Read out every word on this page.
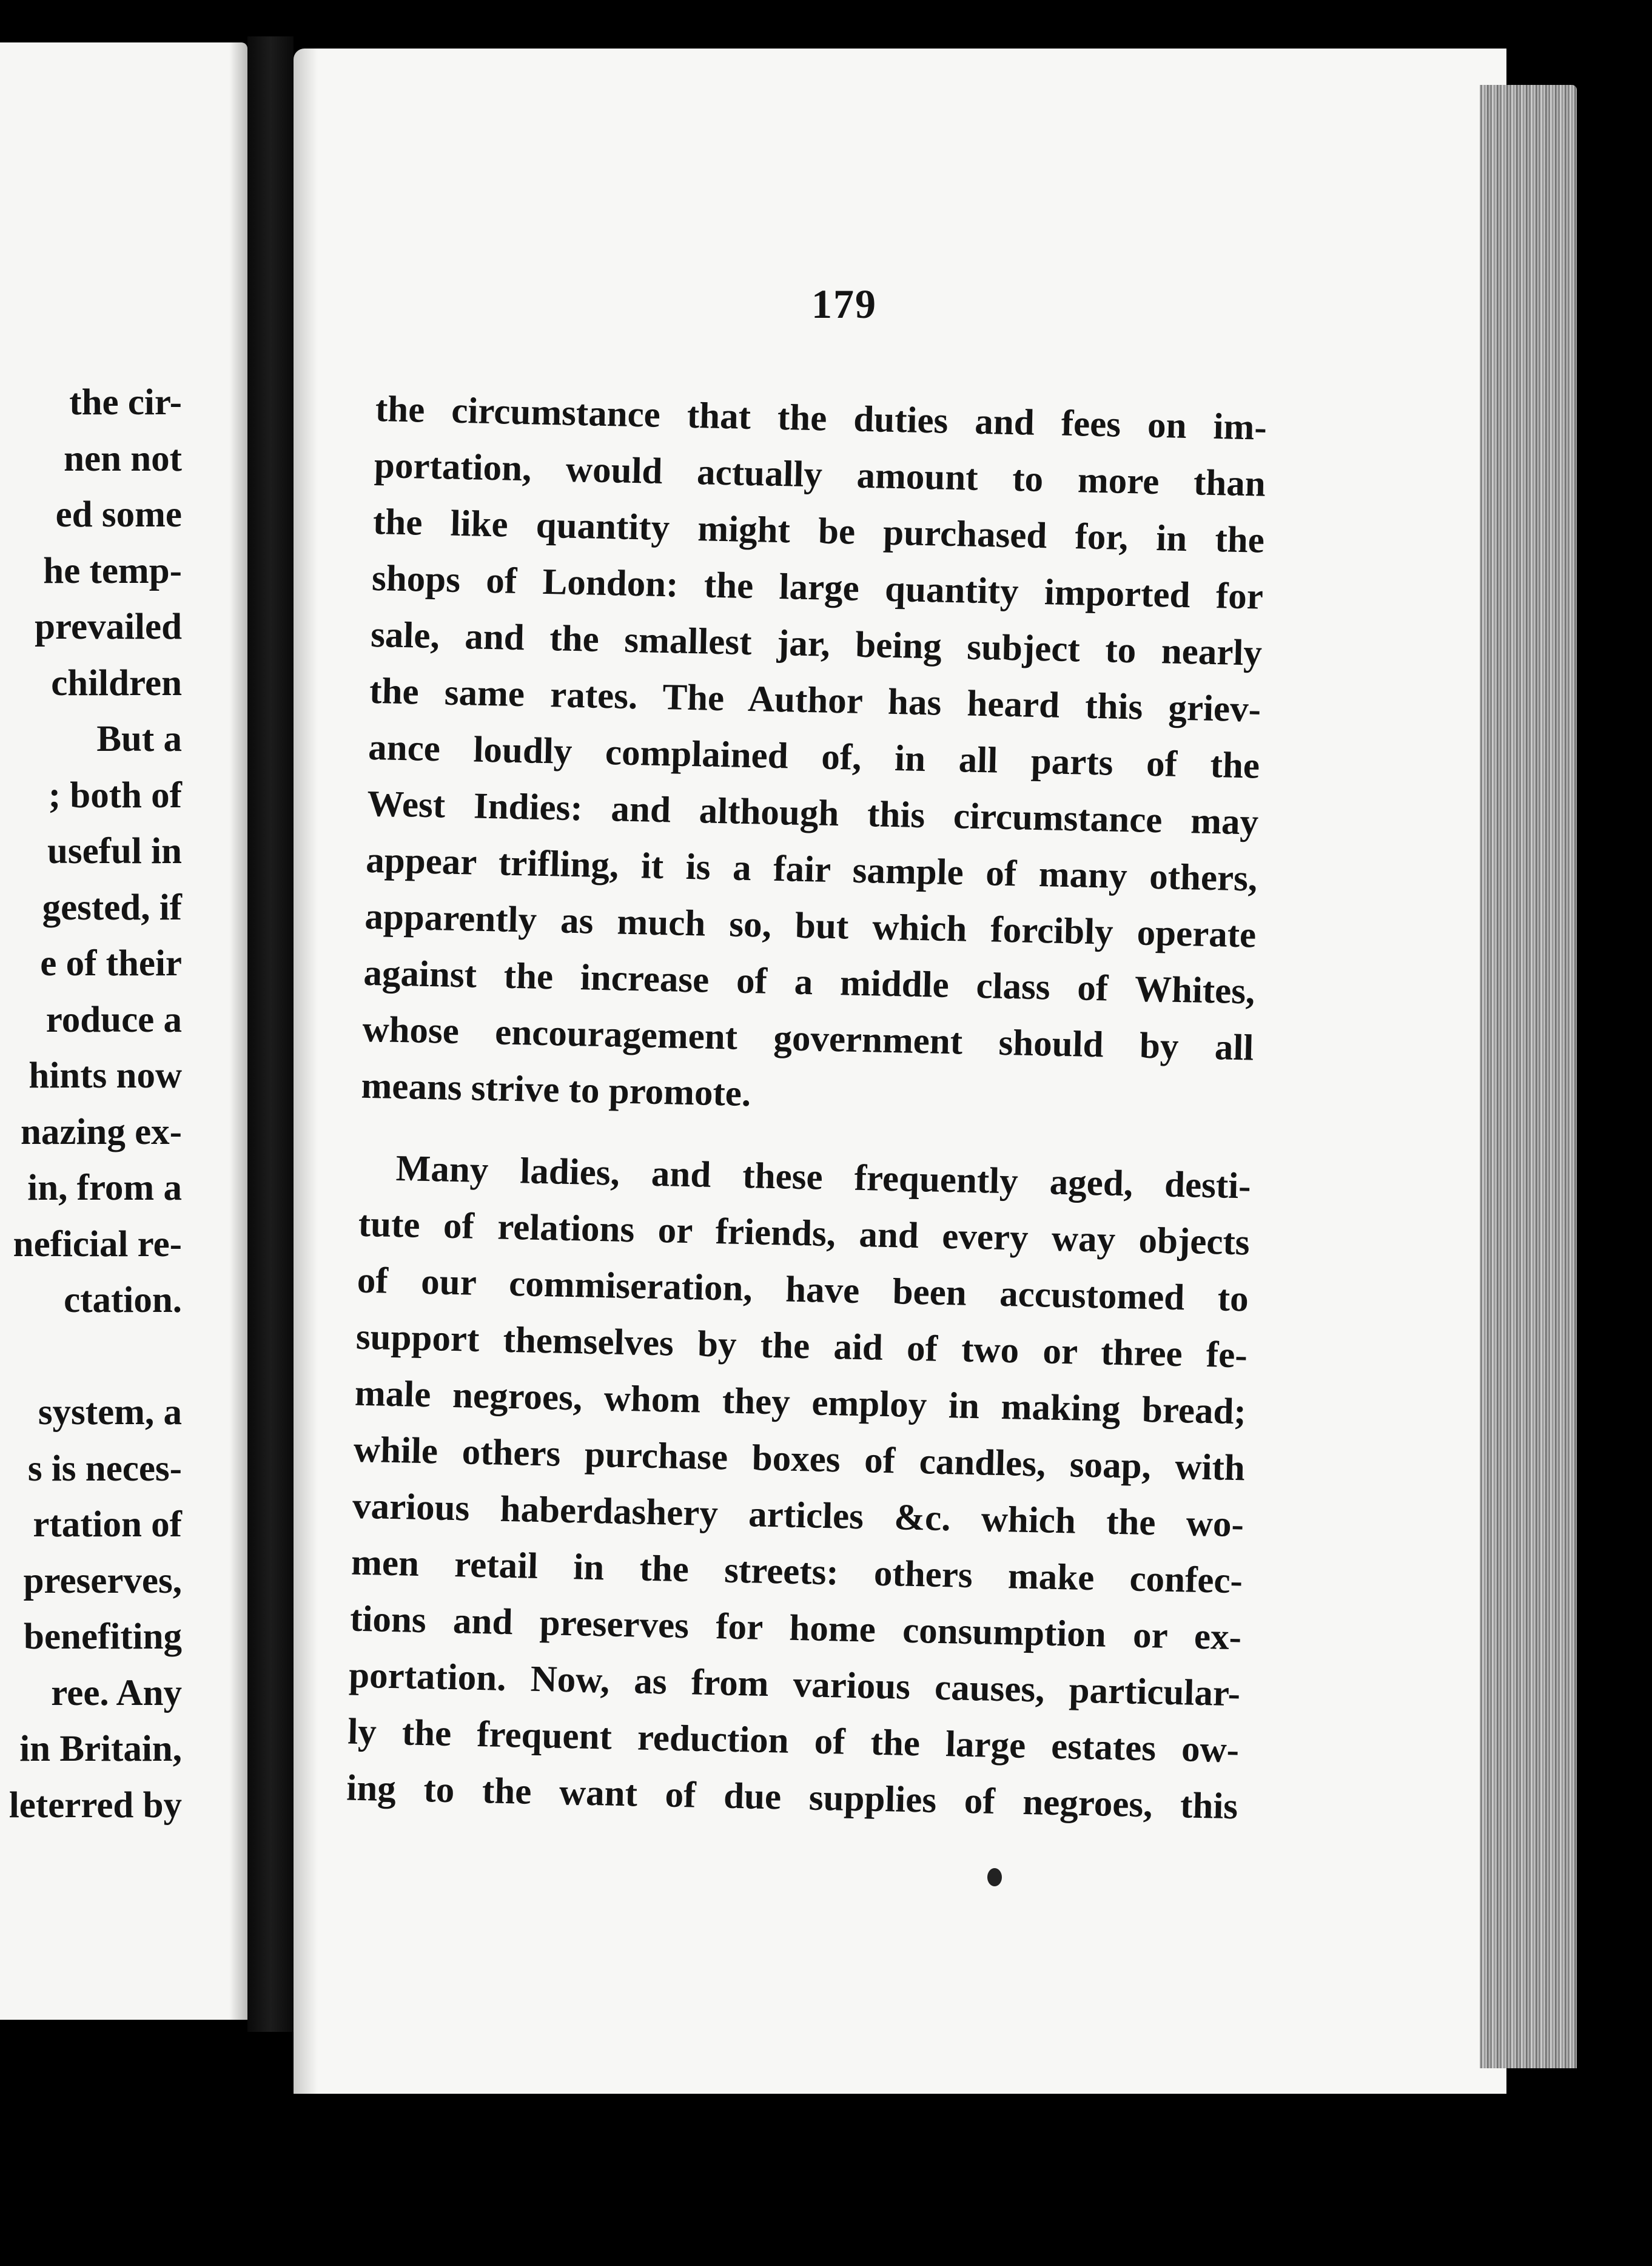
the cir-
nen not
ed some
he temp-
prevailed
children
But a
; both of
useful in
gested, if
e of their
roduce a
hints now
nazing ex-
in, from a
neficial re-
ctation.
system, a
s is neces-
rtation of
preserves,
benefiting
ree. Any
in Britain,
leterred by
179
the circumstance that the duties and fees on im-
portation, would actually amount to more than
the like quantity might be purchased for, in the
shops of London: the large quantity imported for
sale, and the smallest jar, being subject to nearly
the same rates. The Author has heard this griev-
ance loudly complained of, in all parts of the
West Indies: and although this circumstance may
appear trifling, it is a fair sample of many others,
apparently as much so, but which forcibly operate
against the increase of a middle class of Whites,
whose encouragement government should by all
means strive to promote.
Many ladies, and these frequently aged, desti-
tute of relations or friends, and every way objects
of our commiseration, have been accustomed to
support themselves by the aid of two or three fe-
male negroes, whom they employ in making bread;
while others purchase boxes of candles, soap, with
various haberdashery articles &c. which the wo-
men retail in the streets: others make confec-
tions and preserves for home consumption or ex-
portation. Now, as from various causes, particular-
ly the frequent reduction of the large estates ow-
ing to the want of due supplies of negroes, this
